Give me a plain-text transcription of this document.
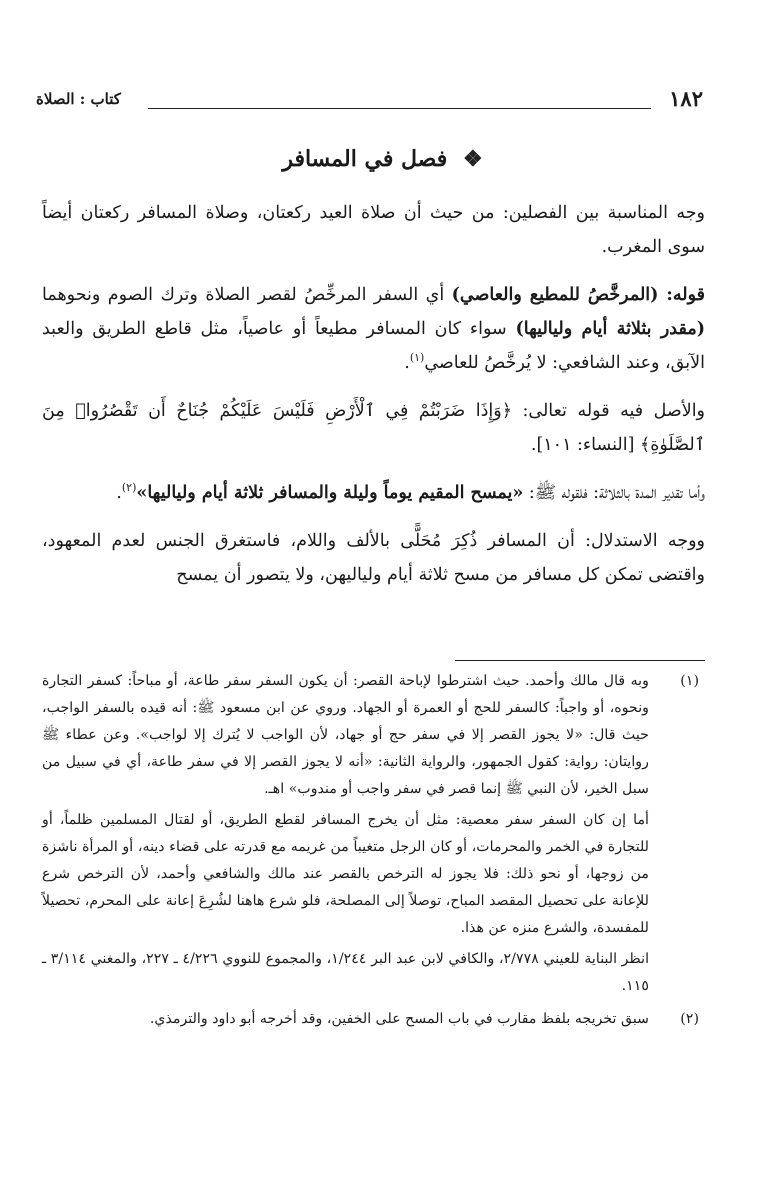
١٨٢
كتاب : الصلاة
❖ فصل في المسافر

وجه المناسبة بين الفصلين: من حيث أن صلاة العيد ركعتان، وصلاة المسافر ركعتان أيضاً سوى المغرب.

قوله: (المرخَّصُ للمطيع والعاصي) أي السفر المرخِّصُ لقصر الصلاة وترك الصوم ونحوهما (مقدر بثلاثة أيام ولياليها) سواء كان المسافر مطيعاً أو عاصياً، مثل قاطع الطريق والعبد الآبق، وعند الشافعي: لا يُرخَّصُ للعاصي$^{(١)}$.

والأصل فيه قوله تعالى: ﴿وَإِذَا ضَرَبْتُمْ فِي ٱلْأَرْضِ فَلَيْسَ عَلَيْكُمْ جُنَاحٌ أَن تَقْصُرُوا۟ مِنَ ٱلصَّلَوٰةِ﴾ [النساء: ١٠١].

وأما تقدير المدة بالثلاثة: فلقوله ﷺ: «يمسح المقيم يوماً وليلة والمسافر ثلاثة أيام ولياليها»$^{(٢)}$.

ووجه الاستدلال: أن المسافر ذُكِرَ مُحَلًّى بالألف واللام، فاستغرق الجنس لعدم المعهود، واقتضى تمكن كل مسافر من مسح ثلاثة أيام ولياليهن، ولا يتصور أن يمسح

(١)

وبه قال مالك وأحمد. حيث اشترطوا لإباحة القصر: أن يكون السفر سفر طاعة، أو مباحاً: كسفر التجارة ونحوه، أو واجباً: كالسفر للحج أو العمرة أو الجهاد. وروي عن ابن مسعود ﷺ: أنه قيده بالسفر الواجب، حيث قال: «لا يجوز القصر إلا في سفر حج أو جهاد، لأن الواجب لا يُترك إلا لواجب». وعن عطاء ﷺ روايتان: رواية: كقول الجمهور، والرواية الثانية: «أنه لا يجوز القصر إلا في سفر طاعة، أي في سبيل من سبل الخير، لأن النبي ﷺ إنما قصر في سفر واجب أو مندوب» اهـ.

أما إن كان السفر سفر معصية: مثل أن يخرج المسافر لقطع الطريق، أو لقتال المسلمين ظلماً، أو للتجارة في الخمر والمحرمات، أو كان الرجل متغيباً من غريمه مع قدرته على قضاء دينه، أو المرأة ناشزة من زوجها، أو نحو ذلك: فلا يجوز له الترخص بالقصر عند مالك والشافعي وأحمد، لأن الترخص شرع للإعانة على تحصيل المقصد المباح، توصلاً إلى المصلحة، فلو شرع هاهنا لشُرِعَ إعانة على المحرم، تحصيلاً للمفسدة، والشرع منزه عن هذا.

انظر البناية للعيني ٢/٧٧٨، والكافي لابن عبد البر ١/٢٤٤، والمجموع للنووي ٤/٢٢٦ ـ ٢٢٧، والمغني ٣/١١٤ ـ ١١٥.

(٢)

سبق تخريجه بلفظ مقارب في باب المسح على الخفين، وقد أخرجه أبو داود والترمذي.
